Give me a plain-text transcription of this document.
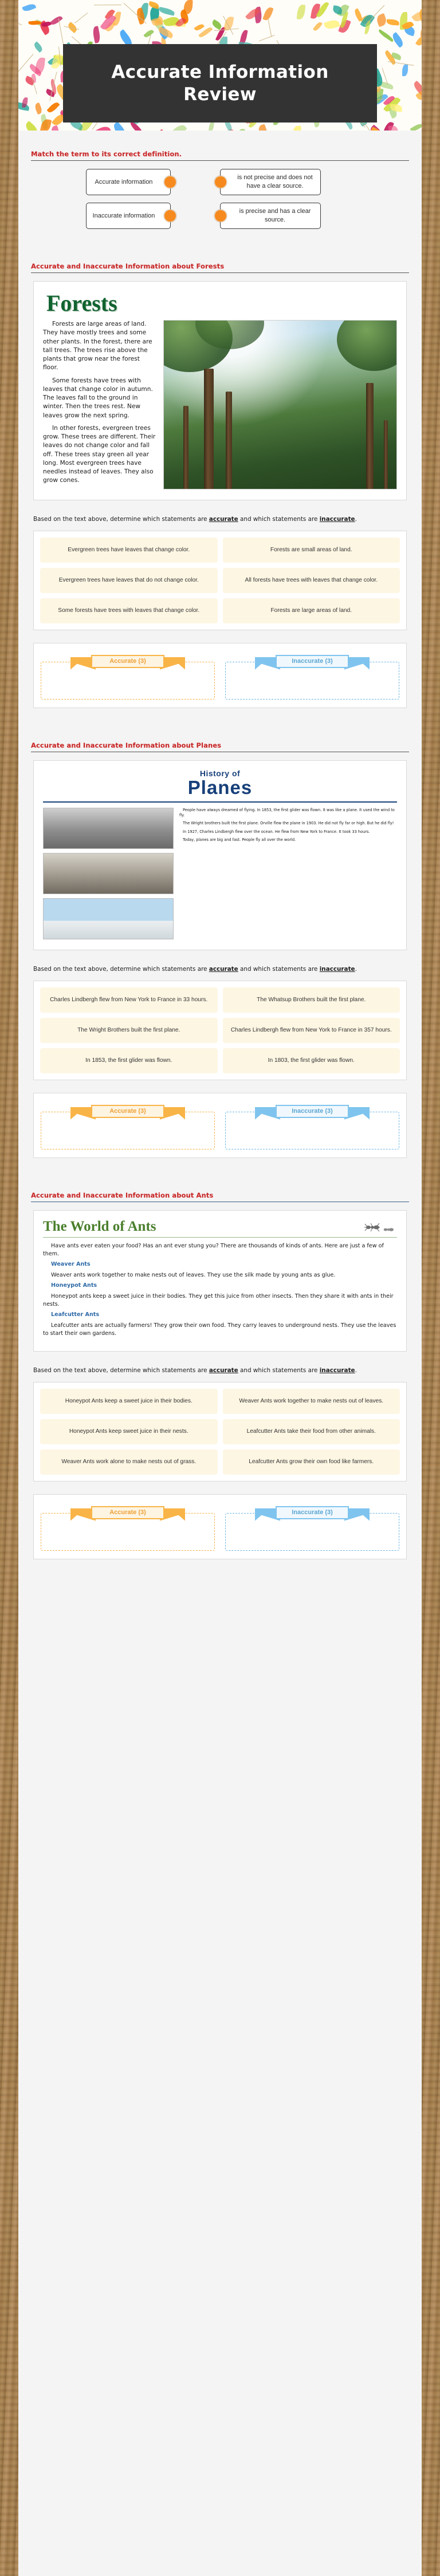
Accurate Information
Review
Match the term to its correct definition.
Accurate information
is not precise and does not have a clear source.
Inaccurate information
is precise and has a clear source.
Accurate and Inaccurate Information about Forests
Forests

Forests are large areas of land. They have mostly trees and some other plants. In the forest, there are tall trees. The trees rise above the plants that grow near the forest floor.

Some forests have trees with leaves that change color in autumn. The leaves fall to the ground in winter. Then the trees rest. New leaves grow the next spring.

In other forests, evergreen trees grow. These trees are different. Their leaves do not change color and fall off. These trees stay green all year long. Most evergreen trees have needles instead of leaves. They also grow cones.

Based on the text above, determine which statements are accurate and which statements are inaccurate.
Evergreen trees have leaves that change color.	Forests are small areas of land.
Evergreen trees have leaves that do not change color.	All forests have trees with leaves that change color.
Some forests have trees with leaves that change color.	Forests are large areas of land.
Accurate (3)	Inaccurate (3)
Accurate and Inaccurate Information about Planes
History of
Planes

People have always dreamed of flying. In 1853, the first glider was flown. It was like a plane. It used the wind to fly.

The Wright brothers built the first plane. Orville flew the plane in 1903. He did not fly far or high. But he did fly!

In 1927, Charles Lindbergh flew over the ocean. He flew from New York to France. It took 33 hours.

Today, planes are big and fast. People fly all over the world.

Based on the text above, determine which statements are accurate and which statements are inaccurate.
Charles Lindbergh flew from New York to France in 33 hours.	The Whatsup Brothers built the first plane.
The Wright Brothers built the first plane.	Charles Lindbergh flew from New York to France in 357 hours.
In 1853, the first glider was flown.	In 1803, the first glider was flown.
Accurate (3)	Inaccurate (3)
Accurate and Inaccurate Information about Ants
The World of Ants

Have ants ever eaten your food? Has an ant ever stung you? There are thousands of kinds of ants. Here are just a few of them.

Weaver Ants

Weaver ants work together to make nests out of leaves. They use the silk made by young ants as glue.

Honeypot Ants

Honeypot ants keep a sweet juice in their bodies. They get this juice from other insects. Then they share it with ants in their nests.

Leafcutter Ants

Leafcutter ants are actually farmers! They grow their own food. They carry leaves to underground nests. They use the leaves to start their own gardens.

Based on the text above, determine which statements are accurate and which statements are inaccurate.
Honeypot Ants keep a sweet juice in their bodies.	Weaver Ants work together to make nests out of leaves.
Honeypot Ants keep sweet juice in their nests.	Leafcutter Ants take their food from other animals.
Weaver Ants work alone to make nests out of grass.	Leafcutter Ants grow their own food like farmers.
Accurate (3)	Inaccurate (3)
